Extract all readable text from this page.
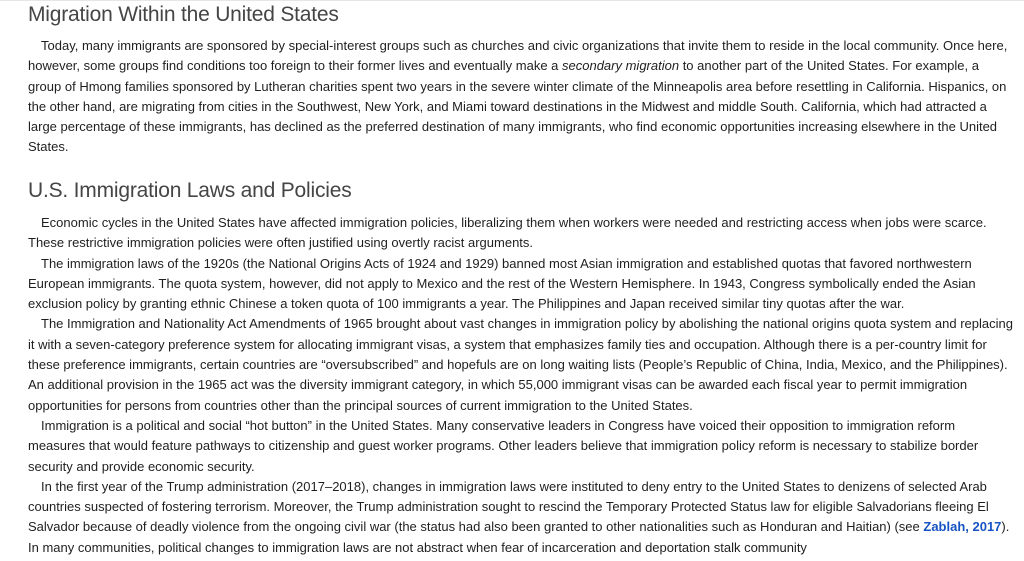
Migration Within the United States

Today, many immigrants are sponsored by special-interest groups such as churches and civic organizations that invite them to reside in the local community. Once here, however, some groups find conditions too foreign to their former lives and eventually make a secondary migration to another part of the United States. For example, a group of Hmong families sponsored by Lutheran charities spent two years in the severe winter climate of the Minneapolis area before resettling in California. Hispanics, on the other hand, are migrating from cities in the Southwest, New York, and Miami toward destinations in the Midwest and middle South. California, which had attracted a large percentage of these immigrants, has declined as the preferred destination of many immigrants, who find economic opportunities increasing elsewhere in the United States.

U.S. Immigration Laws and Policies

Economic cycles in the United States have affected immigration policies, liberalizing them when workers were needed and restricting access when jobs were scarce. These restrictive immigration policies were often justified using overtly racist arguments.

The immigration laws of the 1920s (the National Origins Acts of 1924 and 1929) banned most Asian immigration and established quotas that favored northwestern European immigrants. The quota system, however, did not apply to Mexico and the rest of the Western Hemisphere. In 1943, Congress symbolically ended the Asian exclusion policy by granting ethnic Chinese a token quota of 100 immigrants a year. The Philippines and Japan received similar tiny quotas after the war.

The Immigration and Nationality Act Amendments of 1965 brought about vast changes in immigration policy by abolishing the national origins quota system and replacing it with a seven-category preference system for allocating immigrant visas, a system that emphasizes family ties and occupation. Although there is a per-country limit for these preference immigrants, certain countries are “oversubscribed” and hopefuls are on long waiting lists (People’s Republic of China, India, Mexico, and the Philippines). An additional provision in the 1965 act was the diversity immigrant category, in which 55,000 immigrant visas can be awarded each fiscal year to permit immigration opportunities for persons from countries other than the principal sources of current immigration to the United States.

Immigration is a political and social “hot button” in the United States. Many conservative leaders in Congress have voiced their opposition to immigration reform measures that would feature pathways to citizenship and guest worker programs. Other leaders believe that immigration policy reform is necessary to stabilize border security and provide economic security.

In the first year of the Trump administration (2017–2018), changes in immigration laws were instituted to deny entry to the United States to denizens of selected Arab countries suspected of fostering terrorism. Moreover, the Trump administration sought to rescind the Temporary Protected Status law for eligible Salvadorians fleeing El Salvador because of deadly violence from the ongoing civil war (the status had also been granted to other nationalities such as Honduran and Haitian) (see Zablah, 2017). In many communities, political changes to immigration laws are not abstract when fear of incarceration and deportation stalk community
